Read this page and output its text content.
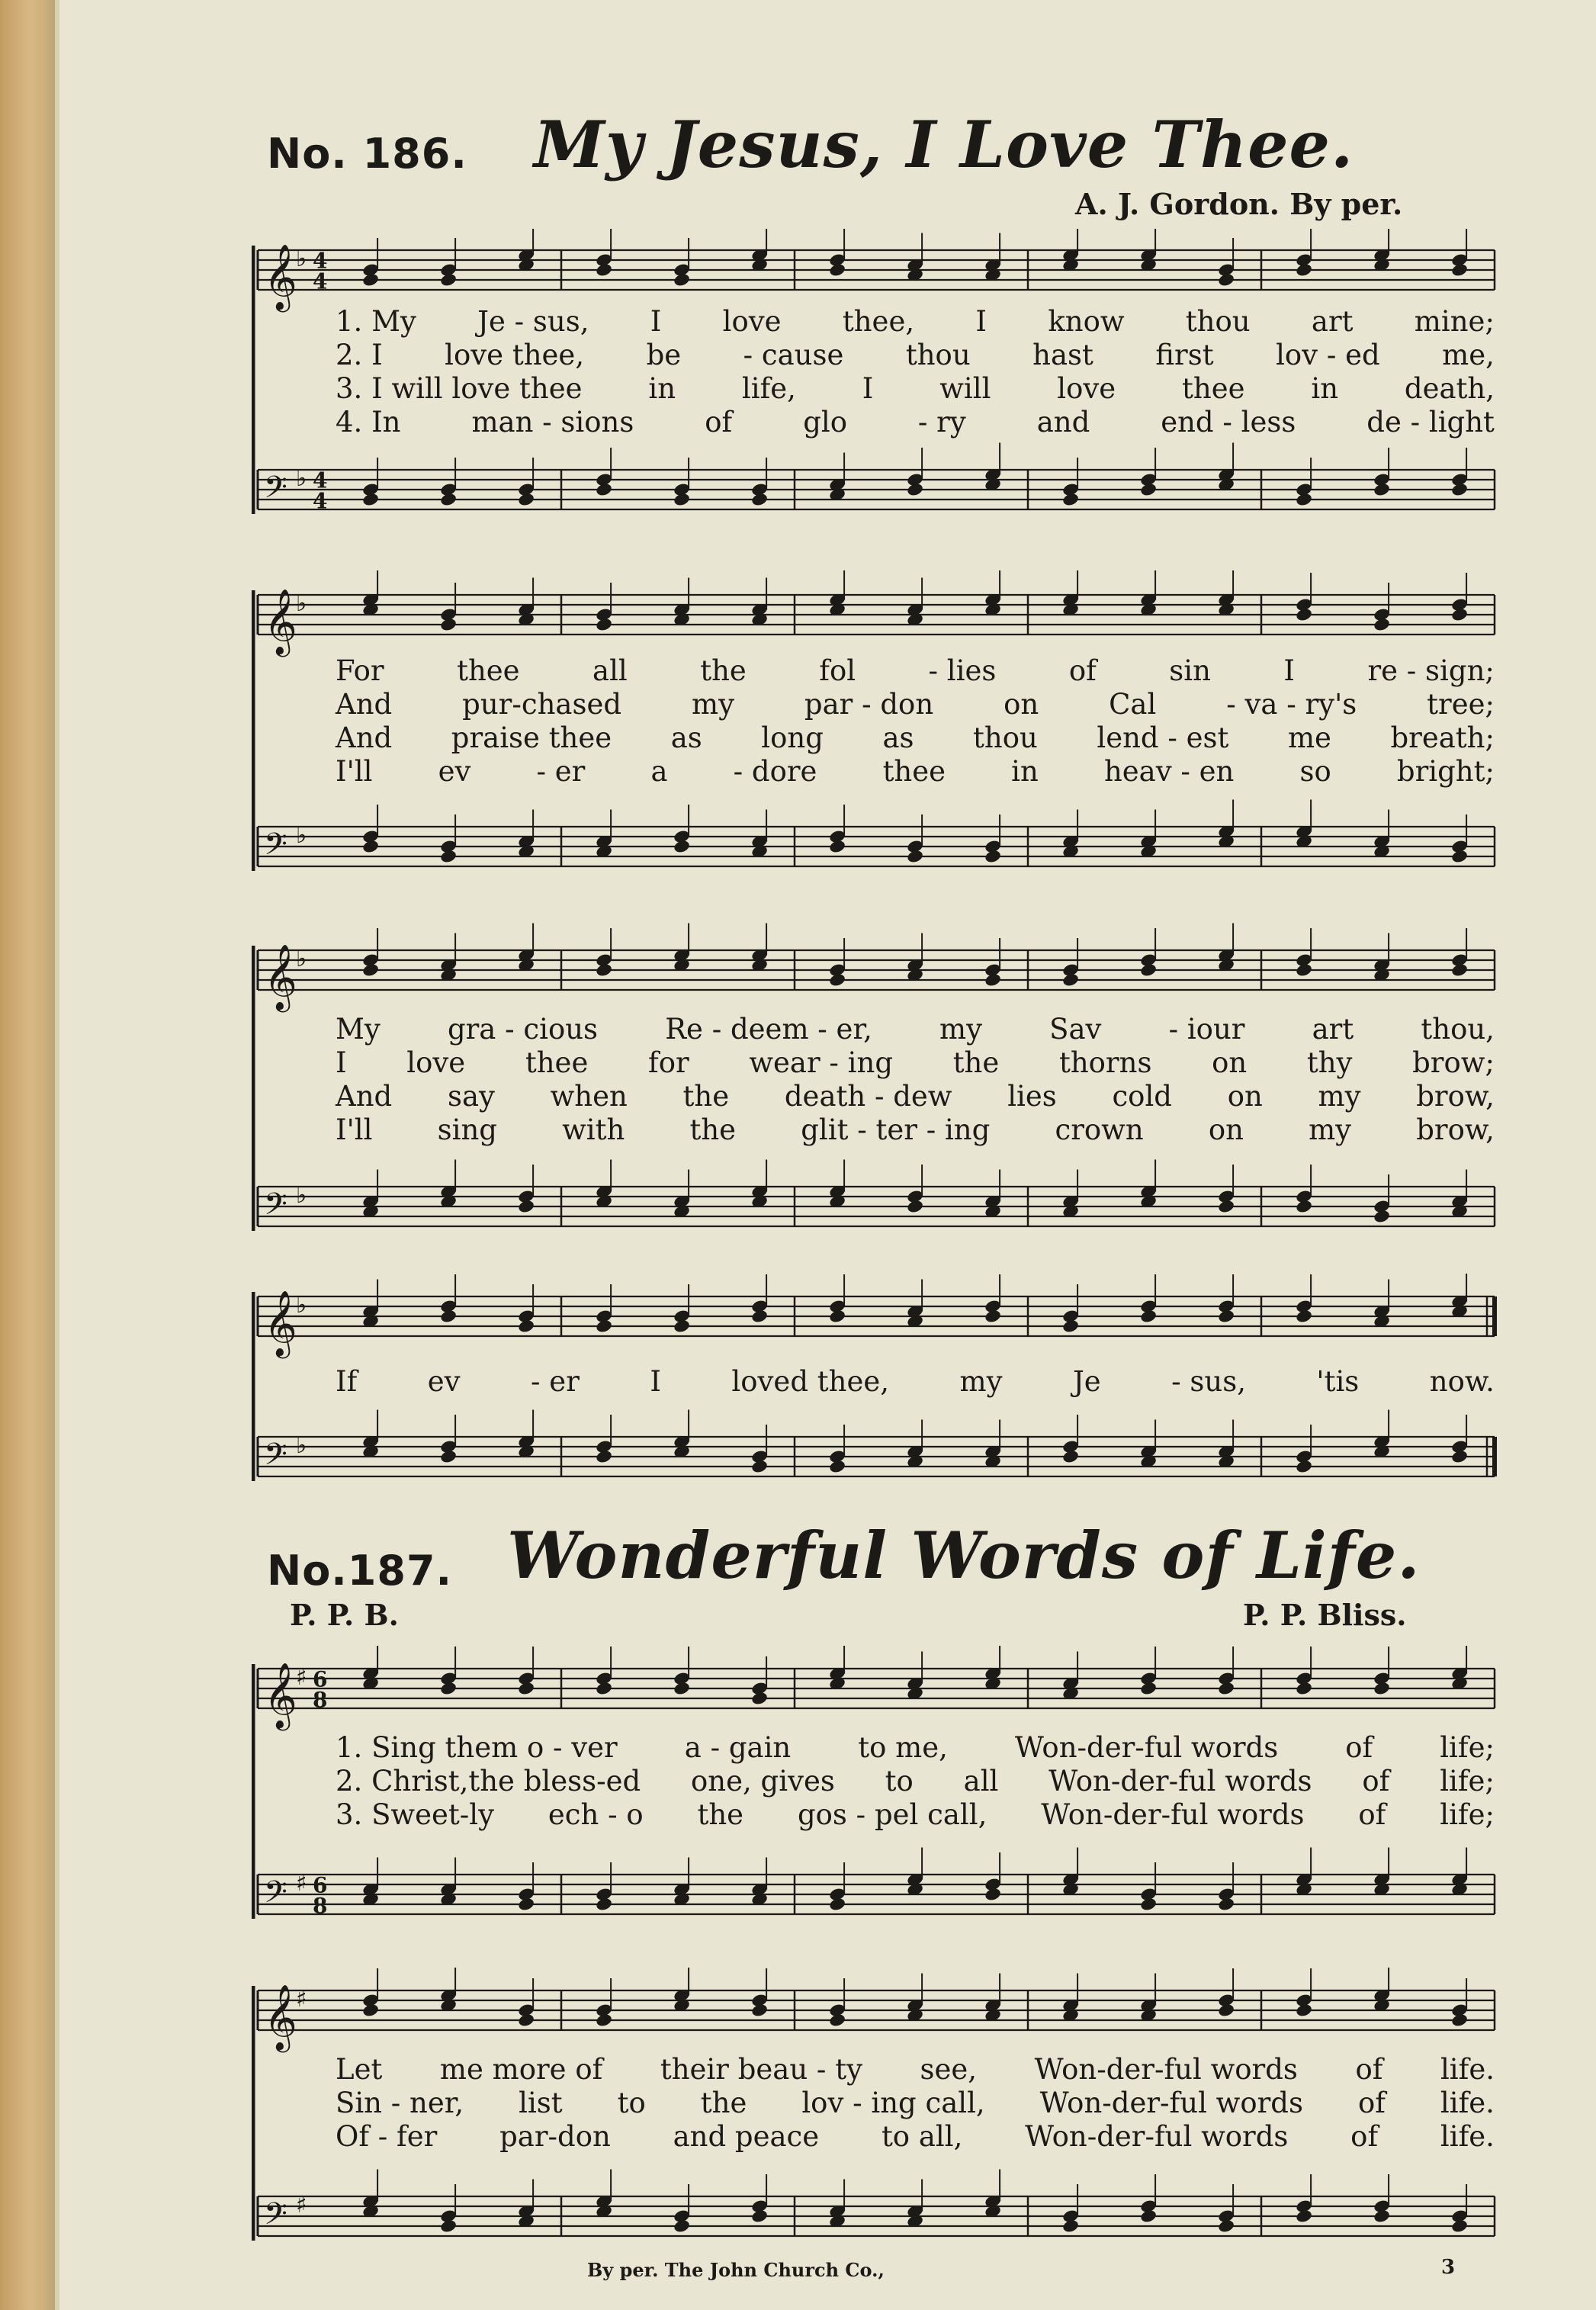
No. 186. My Jesus, I Love Thee.
A. J. Gordon. By per.
𝄞
♭ 4
4
𝄢 ♭ 4
4
1. My Je - sus, I love thee, I know thou art mine;
2. I love thee, be - cause thou hast first lov - ed me,
3. I will love thee in life, I will love thee in death,
4. In	man - sions	of	glo	- ry	and	end - less	de - light
𝄞
♭
𝄢 ♭
For	thee	all	the	fol	- lies	of	sin	I	re - sign;
And pur-chased my par - don on Cal - va - ry's tree;
And praise thee as long as thou lend - est me breath;
I'll ev - er a - dore thee in heav - en so bright;
𝄞
♭
𝄢 ♭
My gra - cious Re - deem - er, my Sav - iour art thou,
I love thee for wear - ing the thorns on thy brow;
And say when the death - dew lies cold on my brow,
I'll sing with the glit - ter - ing crown on my brow,
𝄞
♭
𝄢 ♭
If ev - er I loved thee, my Je - sus, 'tis now.
No.187. Wonderful Words of Life.
P. P. B.	P. P. Bliss.
𝄞
♯ 6
8
𝄢 ♯ 6
8
1. Sing them o - ver a - gain to me, Won-der-ful words of life;
2. Christ,the bless-ed one, gives to all Won-der-ful words of life;
3. Sweet-ly ech - o the gos - pel call, Won-der-ful words of life;
𝄞
♯
𝄢 ♯
Let me more of their beau - ty see, Won-der-ful words of life.
Sin - ner, list to the lov - ing call, Won-der-ful words of life.
Of - fer par-don and peace to all, Won-der-ful words of life.
By per. The John Church Co.,	3
